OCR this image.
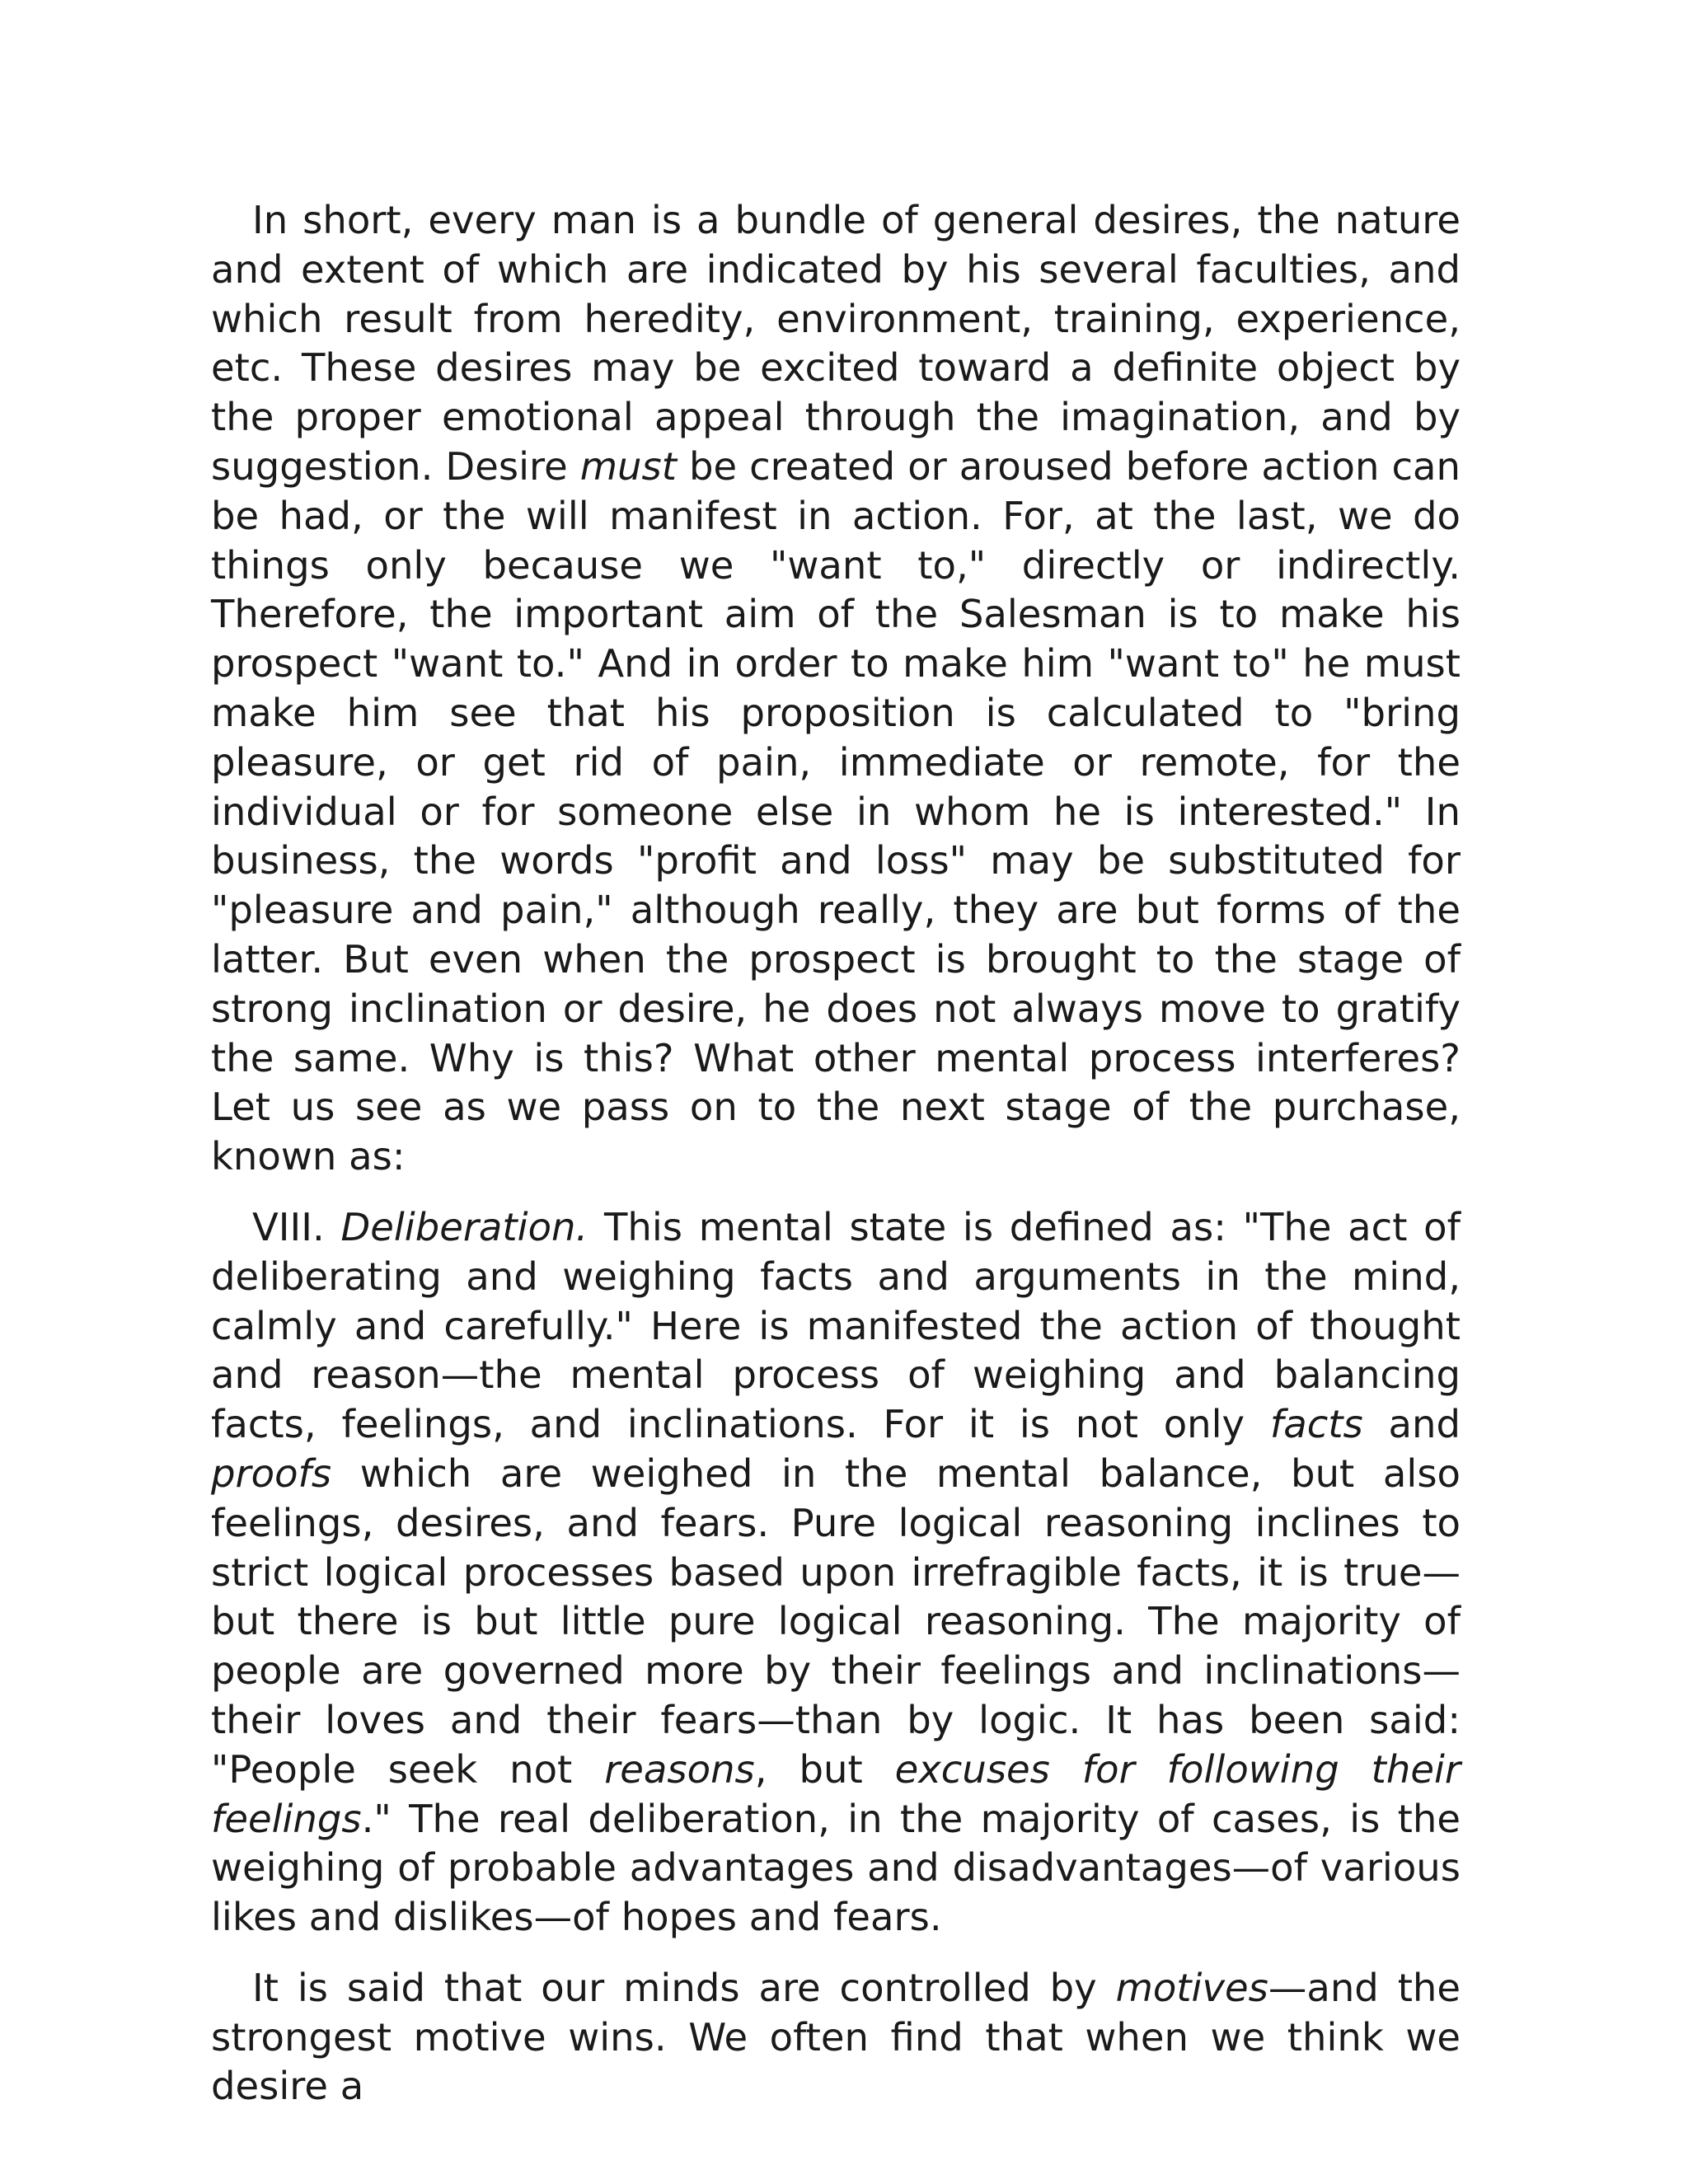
In short, every man is a bundle of general desires, the nature and extent of which are indicated by his several faculties, and which result from heredity, environment, training, experience, etc. These desires may be excited toward a definite object by the proper emotional appeal through the imagination, and by suggestion. Desire must be created or aroused before action can be had, or the will manifest in action. For, at the last, we do things only because we "want to," directly or indirectly. Therefore, the important aim of the Salesman is to make his prospect "want to." And in order to make him "want to" he must make him see that his proposition is calculated to "bring pleasure, or get rid of pain, immediate or remote, for the individual or for someone else in whom he is interested." In business, the words "profit and loss" may be substituted for "pleasure and pain," although really, they are but forms of the latter. But even when the prospect is brought to the stage of strong inclination or desire, he does not always move to gratify the same. Why is this? What other mental process interferes? Let us see as we pass on to the next stage of the purchase, known as:

VIII. Deliberation. This mental state is defined as: "The act of deliberating and weighing facts and arguments in the mind, calmly and carefully." Here is manifested the action of thought and reason—the mental process of weighing and balancing facts, feelings, and inclinations. For it is not only facts and proofs which are weighed in the mental balance, but also feelings, desires, and fears. Pure logical reasoning inclines to strict logical processes based upon irrefragible facts, it is true—but there is but little pure logical reasoning. The majority of people are governed more by their feelings and inclinations—their loves and their fears—than by logic. It has been said: "People seek not reasons, but excuses for following their feelings." The real deliberation, in the majority of cases, is the weighing of probable advantages and disadvantages—of various likes and dislikes—of hopes and fears.

It is said that our minds are controlled by motives—and the strongest motive wins. We often find that when we think we desire a
